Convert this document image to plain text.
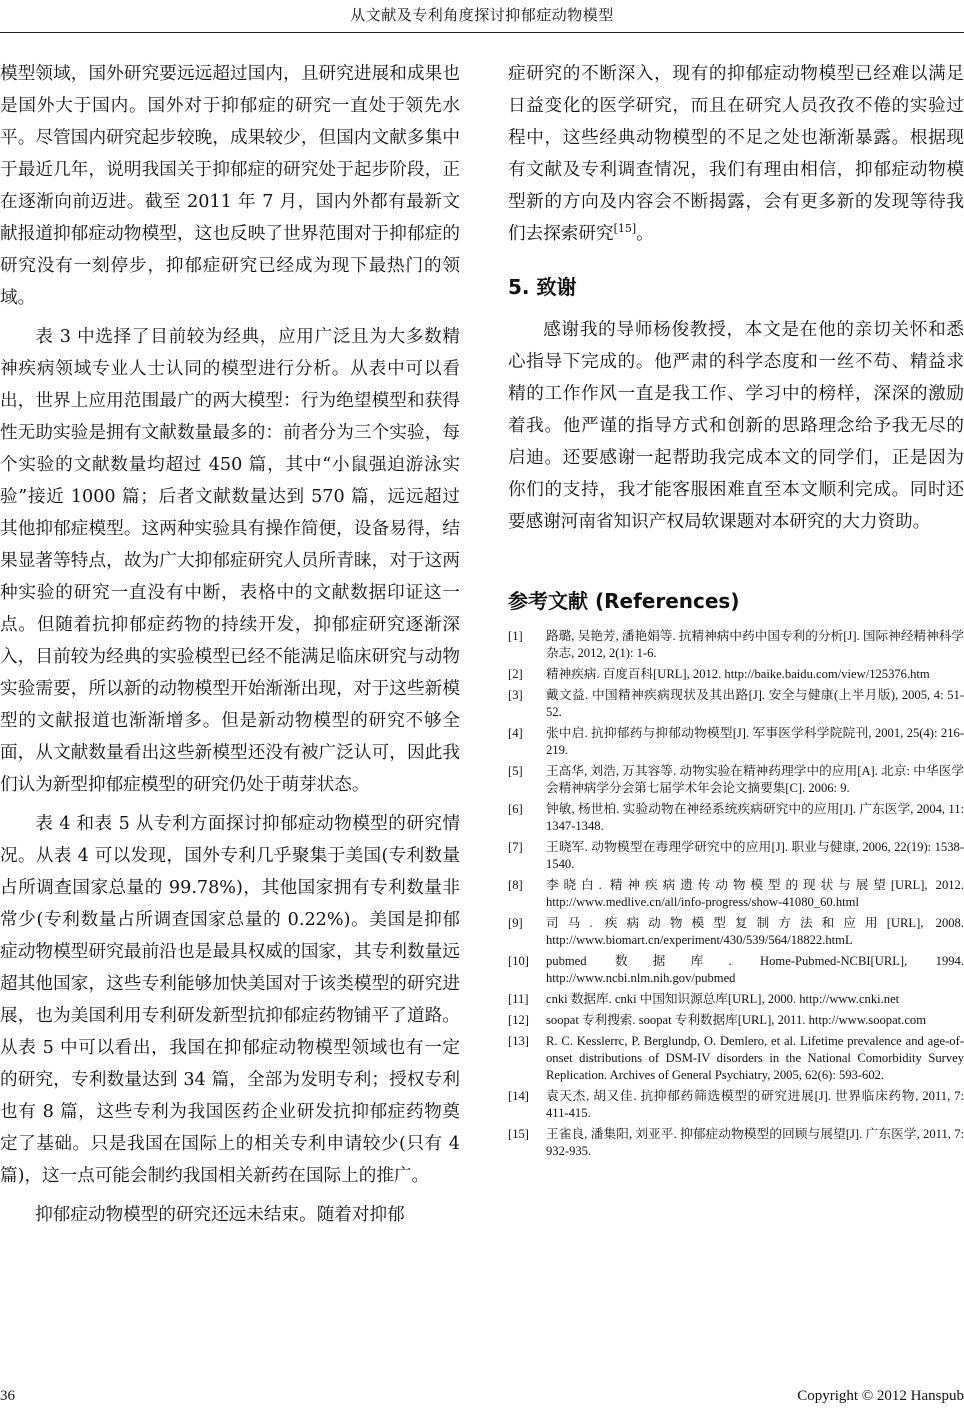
从文献及专利角度探讨抑郁症动物模型

模型领域，国外研究要远远超过国内，且研究进展和成果也是国外大于国内。国外对于抑郁症的研究一直处于领先水平。尽管国内研究起步较晚，成果较少，但国内文献多集中于最近几年，说明我国关于抑郁症的研究处于起步阶段，正在逐渐向前迈进。截至 2011 年 7 月，国内外都有最新文献报道抑郁症动物模型，这也反映了世界范围对于抑郁症的研究没有一刻停步，抑郁症研究已经成为现下最热门的领域。

表 3 中选择了目前较为经典，应用广泛且为大多数精神疾病领域专业人士认同的模型进行分析。从表中可以看出，世界上应用范围最广的两大模型：行为绝望模型和获得性无助实验是拥有文献数量最多的：前者分为三个实验，每个实验的文献数量均超过 450 篇，其中“小鼠强迫游泳实验”接近 1000 篇；后者文献数量达到 570 篇，远远超过其他抑郁症模型。这两种实验具有操作简便，设备易得，结果显著等特点，故为广大抑郁症研究人员所青睐，对于这两种实验的研究一直没有中断，表格中的文献数据印证这一点。但随着抗抑郁症药物的持续开发，抑郁症研究逐渐深入，目前较为经典的实验模型已经不能满足临床研究与动物实验需要，所以新的动物模型开始渐渐出现，对于这些新模型的文献报道也渐渐增多。但是新动物模型的研究不够全面，从文献数量看出这些新模型还没有被广泛认可，因此我们认为新型抑郁症模型的研究仍处于萌芽状态。

表 4 和表 5 从专利方面探讨抑郁症动物模型的研究情况。从表 4 可以发现，国外专利几乎聚集于美国(专利数量占所调查国家总量的 99.78%)，其他国家拥有专利数量非常少(专利数量占所调查国家总量的 0.22%)。美国是抑郁症动物模型研究最前沿也是最具权威的国家，其专利数量远超其他国家，这些专利能够加快美国对于该类模型的研究进展，也为美国利用专利研发新型抗抑郁症药物铺平了道路。从表 5 中可以看出，我国在抑郁症动物模型领域也有一定的研究，专利数量达到 34 篇，全部为发明专利；授权专利也有 8 篇，这些专利为我国医药企业研发抗抑郁症药物奠定了基础。只是我国在国际上的相关专利申请较少(只有 4 篇)，这一点可能会制约我国相关新药在国际上的推广。

抑郁症动物模型的研究还远未结束。随着对抑郁

症研究的不断深入，现有的抑郁症动物模型已经难以满足日益变化的医学研究，而且在研究人员孜孜不倦的实验过程中，这些经典动物模型的不足之处也渐渐暴露。根据现有文献及专利调查情况，我们有理由相信，抑郁症动物模型新的方向及内容会不断揭露，会有更多新的发现等待我们去探索研究[15]。

5. 致谢

感谢我的导师杨俊教授，本文是在他的亲切关怀和悉心指导下完成的。他严肃的科学态度和一丝不苟、精益求精的工作作风一直是我工作、学习中的榜样，深深的激励着我。他严谨的指导方式和创新的思路理念给予我无尽的启迪。还要感谢一起帮助我完成本文的同学们，正是因为你们的支持，我才能客服困难直至本文顺利完成。同时还要感谢河南省知识产权局软课题对本研究的大力资助。

参考文献 (References)
[1]	路璐, 吴艳芳, 潘艳娟等. 抗精神病中药中国专利的分析[J]. 国际神经精神科学杂志, 2012, 2(1): 1-6.
[2]	精神疾病. 百度百科[URL], 2012. http://baike.baidu.com/view/125376.htm
[3]	戴文益. 中国精神疾病现状及其出路[J]. 安全与健康(上半月版), 2005, 4: 51-52.
[4]	张中启. 抗抑郁药与抑郁动物模型[J]. 军事医学科学院院刊, 2001, 25(4): 216-219.
[5]	王高华, 刘浩, 万其容等. 动物实验在精神药理学中的应用[A]. 北京: 中华医学会精神病学分会第七届学术年会论文摘要集[C]. 2006: 9.
[6]	钟敏, 杨世柏. 实验动物在神经系统疾病研究中的应用[J]. 广东医学, 2004, 11: 1347-1348.
[7]	王晓军. 动物模型在毒理学研究中的应用[J]. 职业与健康, 2006, 22(19): 1538-1540.
[8]	李晓白. 精神疾病遗传动物模型的现状与展望[URL], 2012. http://www.medlive.cn/all/info-progress/show-41080_60.html
[9]	司马. 疾病动物模型复制方法和应用[URL], 2008. http://www.biomart.cn/experiment/430/539/564/18822.htmL
[10]	pubmed 数据库. Home-Pubmed-NCBI[URL], 1994. http://www.ncbi.nlm.nih.gov/pubmed
[11]	cnki 数据库. cnki 中国知识源总库[URL], 2000. http://www.cnki.net
[12]	soopat 专利搜索. soopat 专利数据库[URL], 2011. http://www.soopat.com
[13]	R. C. Kesslerrc, P. Berglundp, O. Demlero, et al. Lifetime prevalence and age-of-onset distributions of DSM-IV disorders in the National Comorbidity Survey Replication. Archives of General Psychiatry, 2005, 62(6): 593-602.
[14]	袁天杰, 胡又佳. 抗抑郁药筛选模型的研究进展[J]. 世界临床药物, 2011, 7: 411-415.
[15]	王雀良, 潘集阳, 刘亚平. 抑郁症动物模型的回顾与展望[J]. 广东医学, 2011, 7: 932-935.
36	Copyright © 2012 Hanspub
